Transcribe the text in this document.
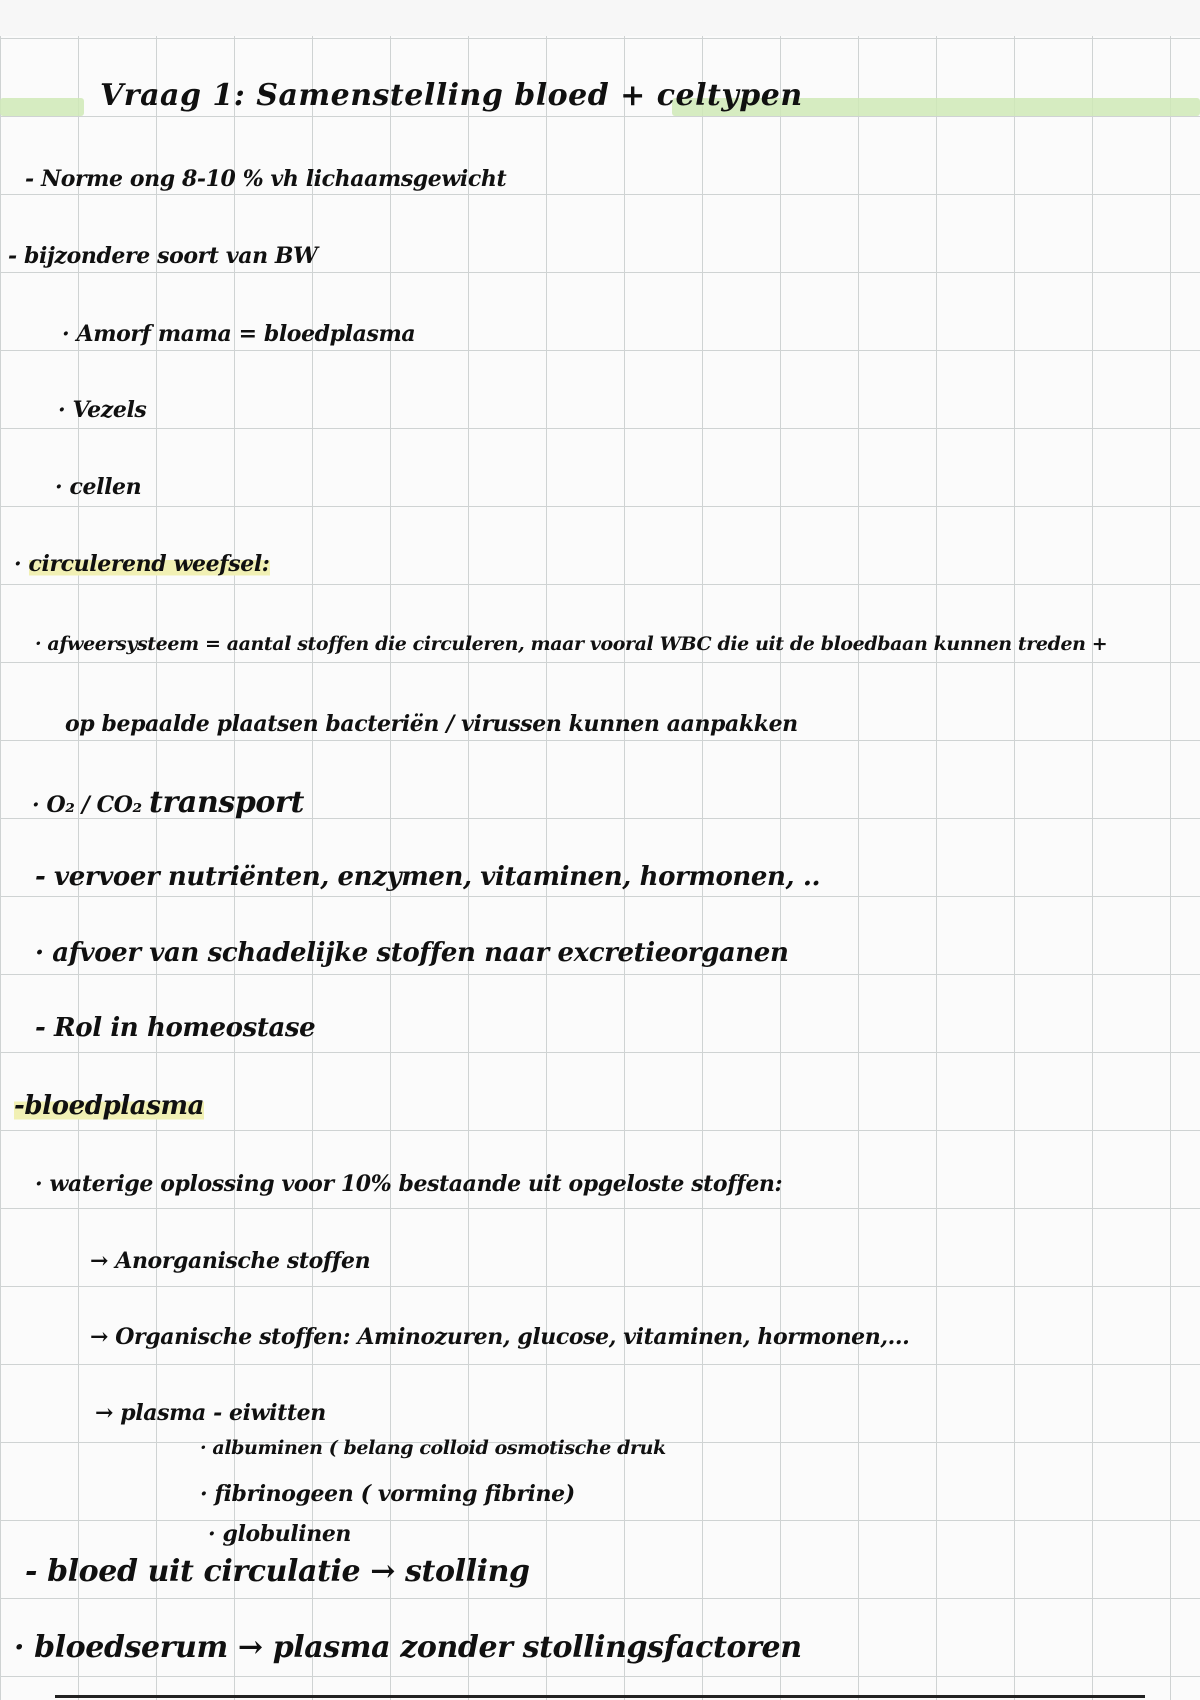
Vraag 1: Samenstelling bloed + celtypen
- Norme ong 8-10 % vh lichaamsgewicht
- bijzondere soort van BW
· Amorf mama = bloedplasma
· Vezels
· cellen
· circulerend weefsel:
· afweersysteem = aantal stoffen die circuleren, maar vooral WBC die uit de bloedbaan kunnen treden +
op bepaalde plaatsen bacteriën / virussen kunnen aanpakken
· O₂ / CO₂ transport
- vervoer nutriënten, enzymen, vitaminen, hormonen, ..
· afvoer van schadelijke stoffen naar excretieorganen
- Rol in homeostase
-bloedplasma
· waterige oplossing voor 10% bestaande uit opgeloste stoffen:
→ Anorganische stoffen
→ Organische stoffen: Aminozuren, glucose, vitaminen, hormonen,...
→ plasma - eiwitten
· albuminen ( belang colloid osmotische druk
· fibrinogeen ( vorming fibrine)
· globulinen
- bloed uit circulatie → stolling
· bloedserum → plasma zonder stollingsfactoren
